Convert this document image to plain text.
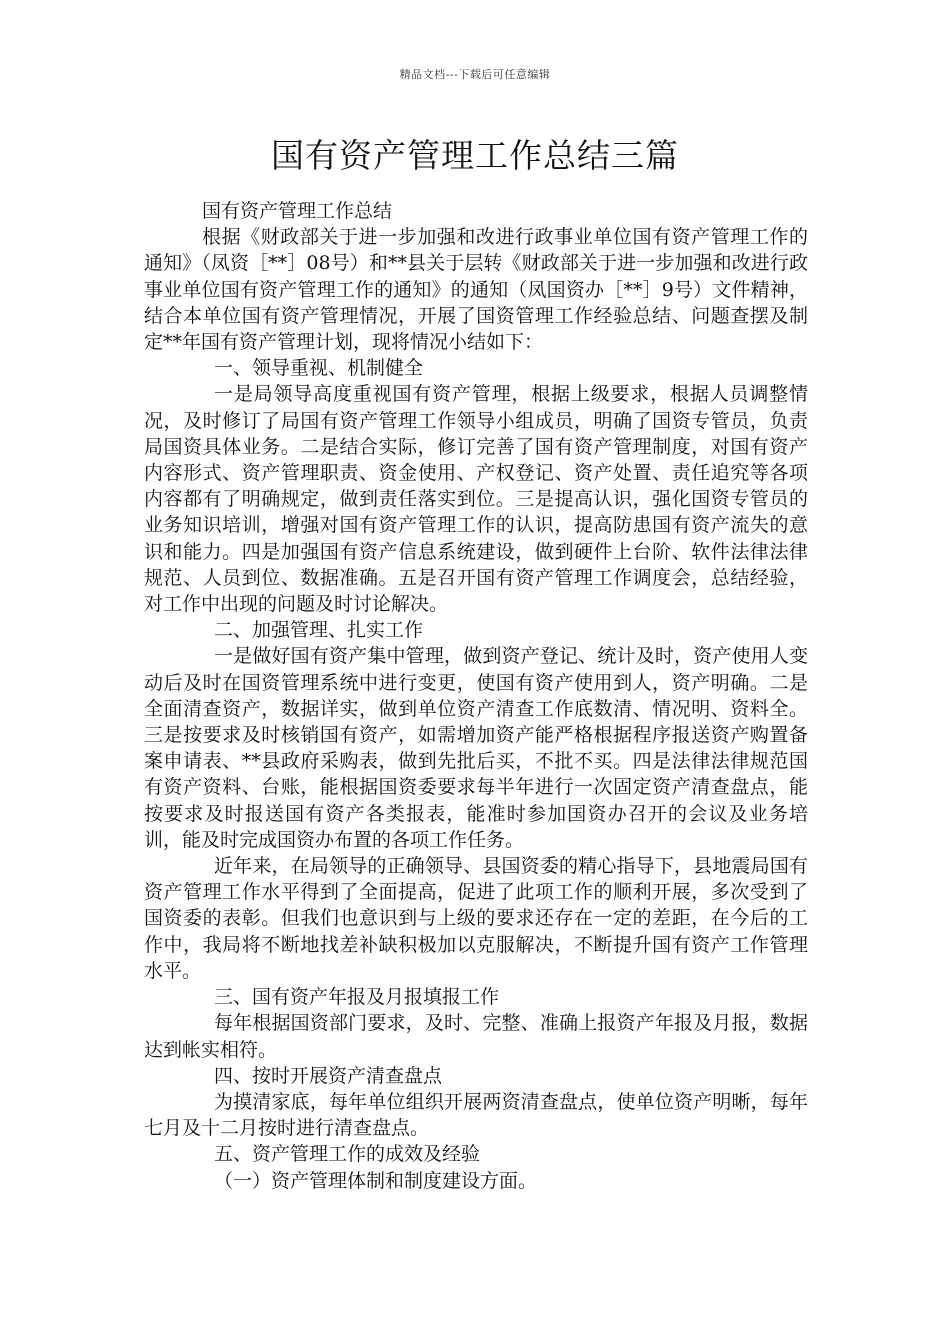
精品文档---下载后可任意编辑
国有资产管理工作总结三篇

国有资产管理工作总结

根据《财政部关于进一步加强和改进行政事业单位国有资产管理工作的通知》（凤资［**］08号）和**县关于层转《财政部关于进一步加强和改进行政事业单位国有资产管理工作的通知》的通知（凤国资办［**］9号）文件精神，结合本单位国有资产管理情况，开展了国资管理工作经验总结、问题查摆及制定**年国有资产管理计划，现将情况小结如下：

一、领导重视、机制健全

一是局领导高度重视国有资产管理，根据上级要求，根据人员调整情况，及时修订了局国有资产管理工作领导小组成员，明确了国资专管员，负责局国资具体业务。二是结合实际，修订完善了国有资产管理制度，对国有资产内容形式、资产管理职责、资金使用、产权登记、资产处置、责任追究等各项内容都有了明确规定，做到责任落实到位。三是提高认识，强化国资专管员的业务知识培训，增强对国有资产管理工作的认识，提高防患国有资产流失的意识和能力。四是加强国有资产信息系统建设，做到硬件上台阶、软件法律法律规范、人员到位、数据准确。五是召开国有资产管理工作调度会，总结经验，对工作中出现的问题及时讨论解决。

二、加强管理、扎实工作

一是做好国有资产集中管理，做到资产登记、统计及时，资产使用人变动后及时在国资管理系统中进行变更，使国有资产使用到人，资产明确。二是全面清查资产，数据详实，做到单位资产清查工作底数清、情况明、资料全。三是按要求及时核销国有资产，如需增加资产能严格根据程序报送资产购置备案申请表、**县政府采购表，做到先批后买，不批不买。四是法律法律规范国有资产资料、台账，能根据国资委要求每半年进行一次固定资产清查盘点，能按要求及时报送国有资产各类报表，能准时参加国资办召开的会议及业务培训，能及时完成国资办布置的各项工作任务。

近年来，在局领导的正确领导、县国资委的精心指导下，县地震局国有资产管理工作水平得到了全面提高，促进了此项工作的顺利开展，多次受到了国资委的表彰。但我们也意识到与上级的要求还存在一定的差距，在今后的工作中，我局将不断地找差补缺积极加以克服解决，不断提升国有资产工作管理水平。

三、国有资产年报及月报填报工作

每年根据国资部门要求，及时、完整、准确上报资产年报及月报，数据达到帐实相符。

四、按时开展资产清查盘点

为摸清家底，每年单位组织开展两资清查盘点，使单位资产明晰，每年七月及十二月按时进行清查盘点。

五、资产管理工作的成效及经验

（一）资产管理体制和制度建设方面。
